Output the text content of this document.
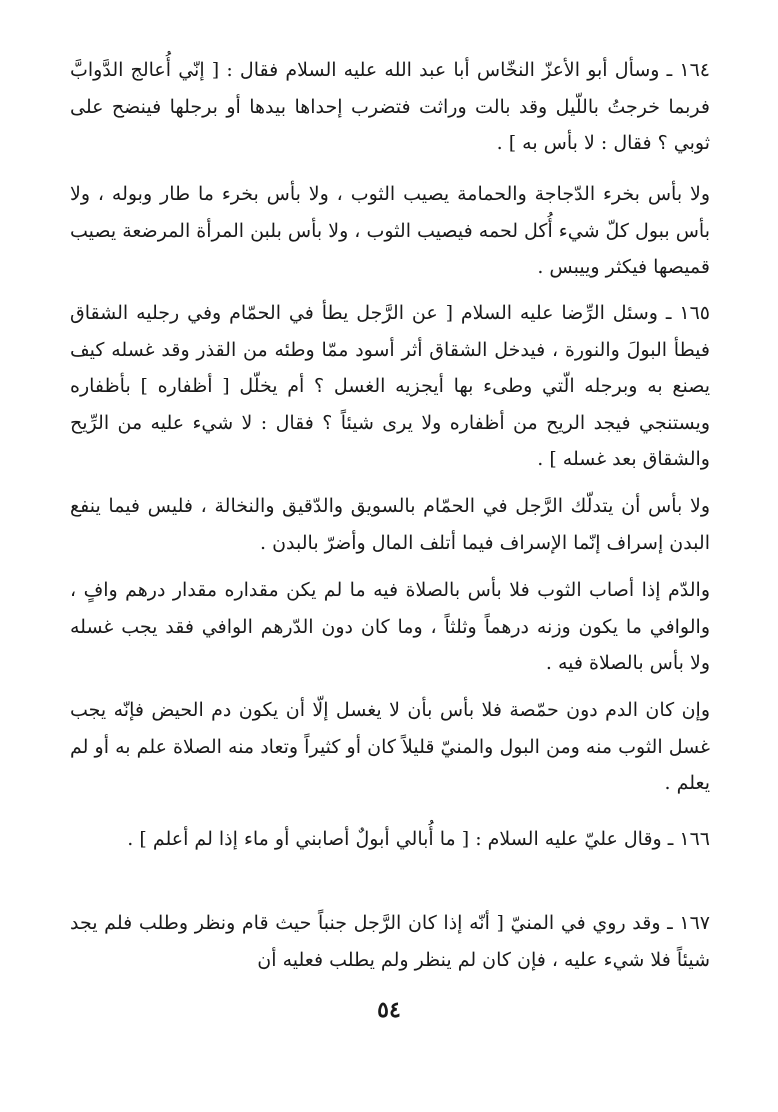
١٦٤ ـ وسأل أبو الأعزّ النخّاس أبا عبد الله عليه السلام فقال : [ إنّي أُعالج الدَّوابَّ فربما خرجتُ باللّيل وقد بالت وراثت فتضرب إحداها بيدها أو برجلها فينضح على ثوبي ؟ فقال : لا بأس به ] .

ولا بأس بخرء الدّجاجة والحمامة يصيب الثوب ، ولا بأس بخرء ما طار وبوله ، ولا بأس ببول كلّ شيء أُكل لحمه فيصيب الثوب ، ولا بأس بلبن المرأة المرضعة يصيب قميصها فيكثر وييبس .

١٦٥ ـ وسئل الرِّضا عليه السلام [ عن الرَّجل يطأ في الحمّام وفي رجليه الشقاق فيطأ البولَ والنورة ، فيدخل الشقاق أثر أسود ممّا وطئه من القذر وقد غسله كيف يصنع به وبرجله الّتي وطىء بها أيجزيه الغسل ؟ أم يخلّل [ أظفاره ] بأظفاره ويستنجي فيجد الريح من أظفاره ولا يرى شيئاً ؟ فقال : لا شيء عليه من الرِّيح والشقاق بعد غسله ] .

ولا بأس أن يتدلّك الرَّجل في الحمّام بالسويق والدّقيق والنخالة ، فليس فيما ينفع البدن إسراف إنّما الإسراف فيما أتلف المال وأضرّ بالبدن .

والدّم إذا أصاب الثوب فلا بأس بالصلاة فيه ما لم يكن مقداره مقدار درهم وافٍ ، والوافي ما يكون وزنه درهماً وثلثاً ، وما كان دون الدّرهم الوافي فقد يجب غسله ولا بأس بالصلاة فيه .

وإن كان الدم دون حمّصة فلا بأس بأن لا يغسل إلّا أن يكون دم الحيض فإنّه يجب غسل الثوب منه ومن البول والمنيّ قليلاً كان أو كثيراً وتعاد منه الصلاة علم به أو لم يعلم .

١٦٦ ـ وقال عليّ عليه السلام : [ ما أُبالي أبولٌ أصابني أو ماء إذا لم أعلم ] .

١٦٧ ـ وقد روي في المنيّ [ أنّه إذا كان الرَّجل جنباً حيث قام ونظر وطلب فلم يجد شيئاً فلا شيء عليه ، فإن كان لم ينظر ولم يطلب فعليه أن

٥٤
